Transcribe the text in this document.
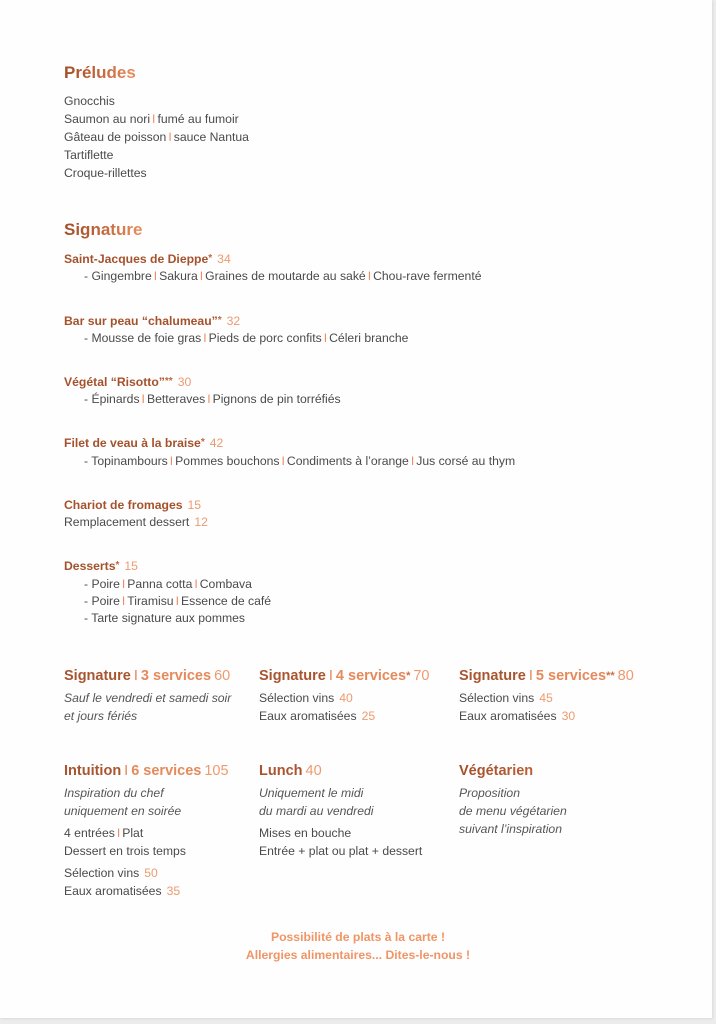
Préludes
Gnocchis
Saumon au nori I fumé au fumoir
Gâteau de poisson I sauce Nantua
Tartiflette
Croque-rillettes
Signature
Saint-Jacques de Dieppe* 34
- Gingembre I Sakura I Graines de moutarde au saké I Chou-rave fermenté
Bar sur peau “chalumeau”* 32
- Mousse de foie gras I Pieds de porc confits I Céleri branche
Végétal “Risotto”** 30
- Épinards I Betteraves I Pignons de pin torréfiés
Filet de veau à la braise* 42
- Topinambours I Pommes bouchons I Condiments à l’orange I Jus corsé au thym
Chariot de fromages 15
Remplacement dessert 12
Desserts* 15
- Poire I Panna cotta I Combava
- Poire I Tiramisu I Essence de café
- Tarte signature aux pommes
Signature I 3 services 60
Sauf le vendredi et samedi soir
et jours fériés
Signature I 4 services* 70
Sélection vins 40
Eaux aromatisées 25
Signature I 5 services** 80
Sélection vins 45
Eaux aromatisées 30
Intuition I 6 services 105
Inspiration du chef
uniquement en soirée
4 entrées I Plat
Dessert en trois temps
Sélection vins 50
Eaux aromatisées 35
Lunch 40
Uniquement le midi
du mardi au vendredi
Mises en bouche
Entrée + plat ou plat + dessert
Végétarien
Proposition
de menu végétarien
suivant l’inspiration
Possibilité de plats à la carte !
Allergies alimentaires... Dites-le-nous !
